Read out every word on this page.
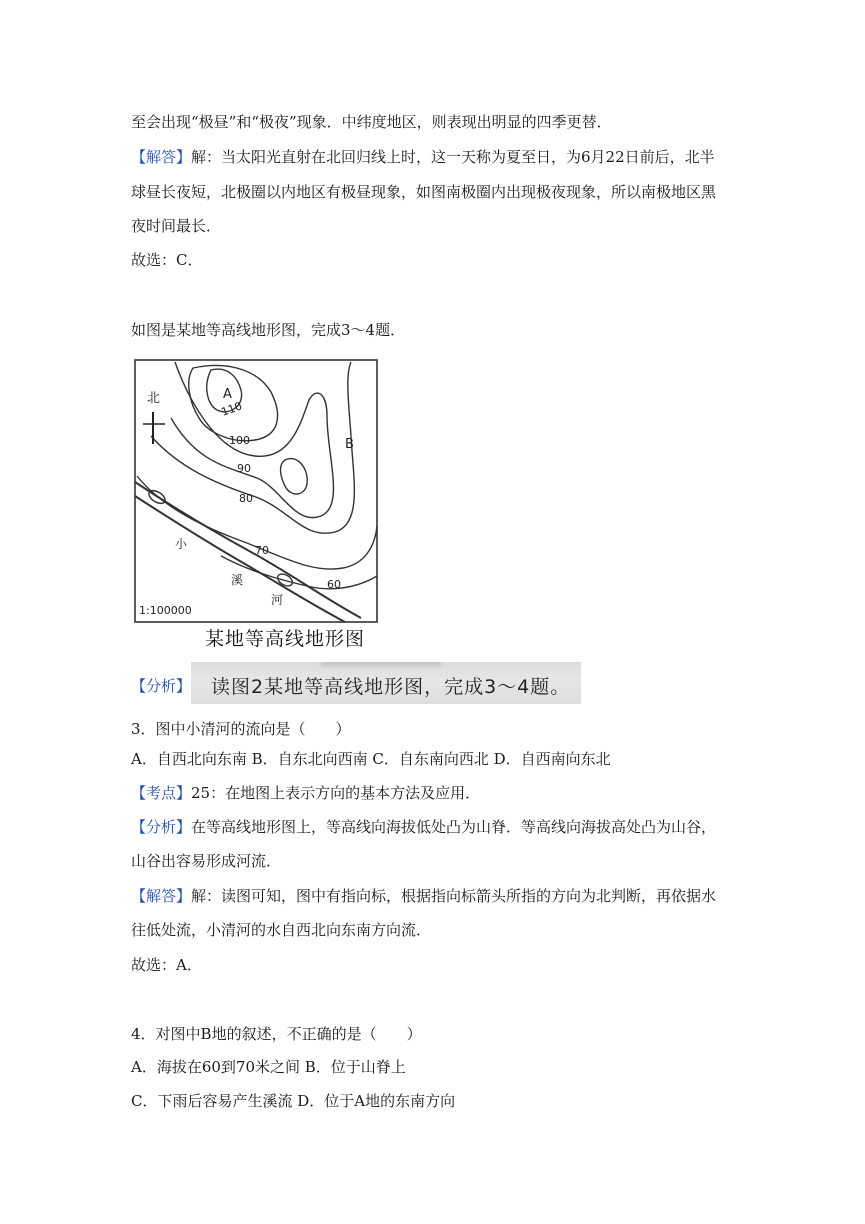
至会出现“极昼”和“极夜”现象．中纬度地区，则表现出明显的四季更替．
【解答】解：当太阳光直射在北回归线上时，这一天称为夏至日，为6月22日前后，北半
球昼长夜短，北极圈以内地区有极昼现象，如图南极圈内出现极夜现象，所以南极地区黑
夜时间最长．
故选：C．
如图是某地等高线地形图，完成3～4题．
北	A
B
110
100
90
80
70
60
小
溪
河
1:100000
某地等高线地形图
【分析】 读图2某地等高线地形图，完成3～4题。
3．图中小清河的流向是（　　）
A．自西北向东南 B．自东北向西南 C．自东南向西北 D．自西南向东北
【考点】25：在地图上表示方向的基本方法及应用．
【分析】在等高线地形图上，等高线向海拔低处凸为山脊．等高线向海拔高处凸为山谷，
山谷出容易形成河流．
【解答】解：读图可知，图中有指向标，根据指向标箭头所指的方向为北判断，再依据水
往低处流，小清河的水自西北向东南方向流．
故选：A．
4．对图中B地的叙述，不正确的是（　　）
A．海拔在60到70米之间 B．位于山脊上
C．下雨后容易产生溪流 D．位于A地的东南方向
